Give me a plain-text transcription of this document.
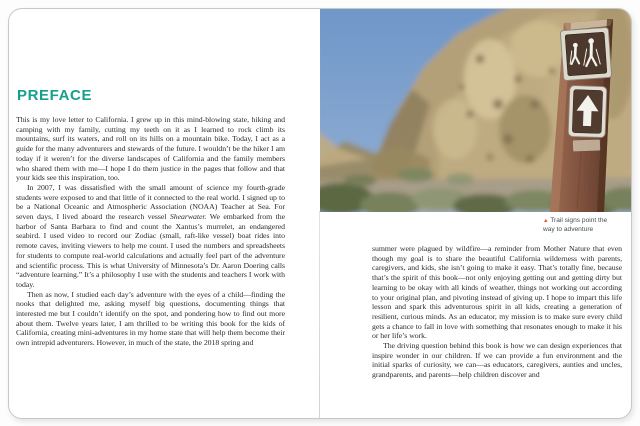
PREFACE

This is my love letter to California. I grew up in this mind-blowing state, hiking and camping with my family, cutting my teeth on it as I learned to rock climb its mountains, surf its waters, and roll on its hills on a mountain bike. Today, I act as a guide for the many adventurers and stewards of the future. I wouldn’t be the hiker I am today if it weren’t for the diverse landscapes of California and the family members who shared them with me—I hope I do them justice in the pages that follow and that your kids see this inspiration, too.

In 2007, I was dissatisfied with the small amount of science my fourth-grade students were exposed to and that little of it connected to the real world. I signed up to be a National Oceanic and Atmospheric Association (NOAA) Teacher at Sea. For seven days, I lived aboard the research vessel Shearwater. We embarked from the harbor of Santa Barbara to find and count the Xantus’s murrelet, an endangered seabird. I used video to record our Zodiac (small, raft-like vessel) boat rides into remote caves, inviting viewers to help me count. I used the numbers and spreadsheets for students to compute real-world calculations and actually feel part of the adventure and scientific process. This is what University of Minnesota’s Dr. Aaron Doering calls “adventure learning.” It’s a philosophy I use with the students and teachers I work with today.

Then as now, I studied each day’s adventure with the eyes of a child—finding the nooks that delighted me, asking myself big questions, documenting things that interested me but I couldn’t identify on the spot, and pondering how to find out more about them. Twelve years later, I am thrilled to be writing this book for the kids of California, creating mini-adventures in my home state that will help them become their own intrepid adventurers. However, in much of the state, the 2018 spring and

▲ Trail signs point the way to adventure

summer were plagued by wildfire—a reminder from Mother Nature that even though my goal is to share the beautiful California wilderness with parents, caregivers, and kids, she isn’t going to make it easy. That’s totally fine, because that’s the spirit of this book—not only enjoying getting out and getting dirty but learning to be okay with all kinds of weather, things not working out according to your original plan, and pivoting instead of giving up. I hope to impart this life lesson and spark this adventurous spirit in all kids, creating a generation of resilient, curious minds. As an educator, my mission is to make sure every child gets a chance to fall in love with something that resonates enough to make it his or her life’s work.

The driving question behind this book is how we can design experiences that inspire wonder in our children. If we can provide a fun environment and the initial sparks of curiosity, we can—as educators, caregivers, aunties and uncles, grandparents, and parents—help children discover and
